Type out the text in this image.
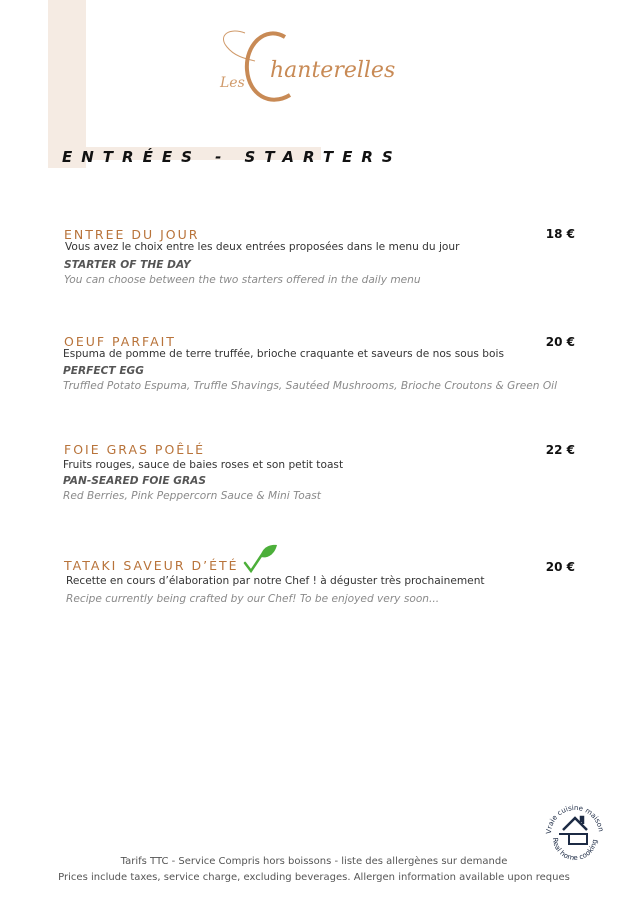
Les hanterelles
ENTRÉES - STARTERS
ENTREE DU JOUR	18 €
Vous avez le choix entre les deux entrées proposées dans le menu du jour
STARTER OF THE DAY
You can choose between the two starters offered in the daily menu
OEUF PARFAIT	20 €
Espuma de pomme de terre truffée, brioche craquante et saveurs de nos sous bois
PERFECT EGG
Truffled Potato Espuma, Truffle Shavings, Sautéed Mushrooms, Brioche Croutons & Green Oil
FOIE GRAS POÊLÉ	22 €
Fruits rouges, sauce de baies roses et son petit toast
PAN-SEARED FOIE GRAS
Red Berries, Pink Peppercorn Sauce & Mini Toast
TATAKI SAVEUR D’ÉTÉ	20 €
Recette en cours d’élaboration par notre Chef ! à déguster très prochainement
Recipe currently being crafted by our Chef! To be enjoyed very soon...
Vraie cuisine maison
Real home cooking
Tarifs TTC - Service Compris hors boissons - liste des allergènes sur demande
Prices include taxes, service charge, excluding beverages. Allergen information available upon reques
